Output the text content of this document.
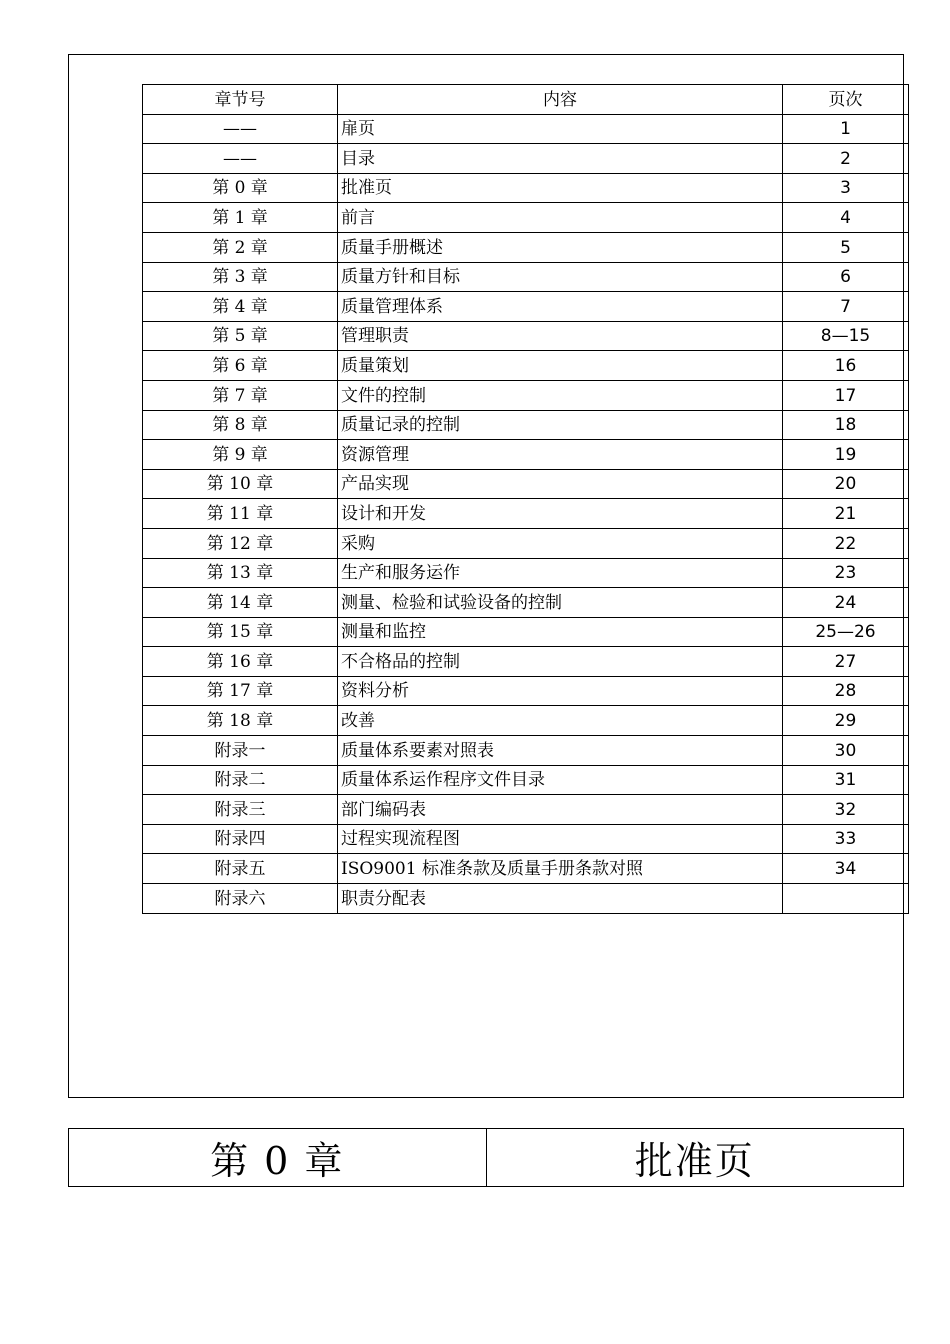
章节号	内容	页次
——	扉页	1
——	目录	2
第 0 章	批准页	3
第 1 章	前言	4
第 2 章	质量手册概述	5
第 3 章	质量方针和目标	6
第 4 章	质量管理体系	7
第 5 章	管理职责	8—15
第 6 章	质量策划	16
第 7 章	文件的控制	17
第 8 章	质量记录的控制	18
第 9 章	资源管理	19
第 10 章	产品实现	20
第 11 章	设计和开发	21
第 12 章	采购	22
第 13 章	生产和服务运作	23
第 14 章	测量、检验和试验设备的控制	24
第 15 章	测量和监控	25—26
第 16 章	不合格品的控制	27
第 17 章	资料分析	28
第 18 章	改善	29
附录一	质量体系要素对照表	30
附录二	质量体系运作程序文件目录	31
附录三	部门编码表	32
附录四	过程实现流程图	33
附录五	ISO9001 标准条款及质量手册条款对照	34
附录六	职责分配表	
第 0 章	批准页
